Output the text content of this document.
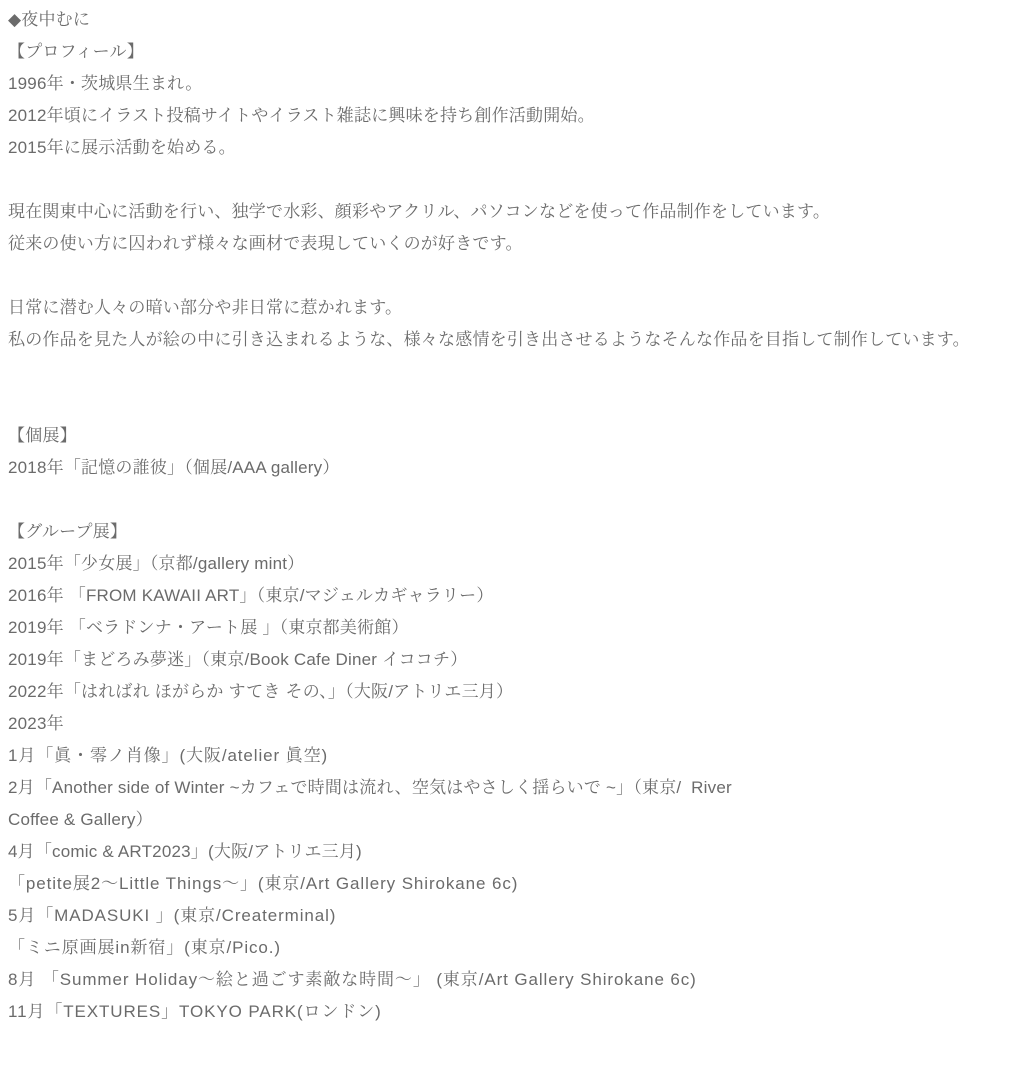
◆夜中むに
【プロフィール】
1996年・茨城県生まれ。
2012年頃にイラスト投稿サイトやイラスト雑誌に興味を持ち創作活動開始。
2015年に展示活動を始める。
現在関東中心に活動を行い、独学で水彩、顔彩やアクリル、パソコンなどを使って作品制作をしています。
従来の使い方に囚われず様々な画材で表現していくのが好きです。
日常に潜む人々の暗い部分や非日常に惹かれます。
私の作品を見た人が絵の中に引き込まれるような、様々な感情を引き出させるようなそんな作品を目指して制作しています。
【個展】
2018年「記憶の誰彼」（個展/AAA gallery）
【グループ展】
2015年「少女展」（京都/gallery mint）
2016年 「FROM KAWAII ART」（東京/マジェルカギャラリー）
2019年 「ベラドンナ・アート展 」（東京都美術館）
2019年「まどろみ夢迷」（東京/Book Cafe Diner イココチ）
2022年「はればれ ほがらか すてき その、」（大阪/アトリエ三月）
2023年
1月「眞・零ノ肖像」(大阪/atelier 眞空)
2月「Another side of Winter ~カフェで時間は流れ、空気はやさしく揺らいで ~」（東京/  River
Coffee & Gallery）
4月「comic & ART2023」(大阪/アトリエ三月)
「petite展2～Little Things～」(東京/Art Gallery Shirokane 6c)
5月「MADASUKI 」(東京/Createrminal)
「ミニ原画展in新宿」(東京/Pico.)
8月 「Summer Holiday～絵と過ごす素敵な時間～」 (東京/Art Gallery Shirokane 6c)
11月「TEXTURES」TOKYO PARK(ロンドン)
